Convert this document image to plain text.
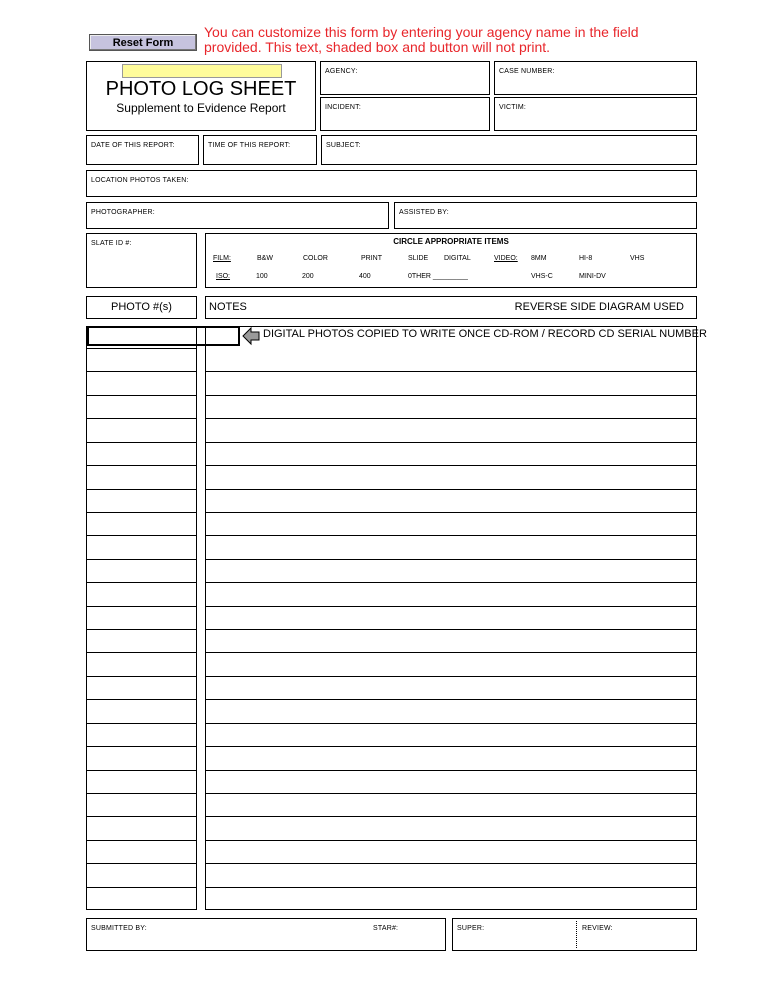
Reset Form
You can customize this form by entering your agency name in the field provided. This text, shaded box and button will not print.
PHOTO LOG SHEET
Supplement to Evidence Report
AGENCY:	CASE NUMBER:
INCIDENT:	VICTIM:
DATE OF THIS REPORT:	TIME OF THIS REPORT:	SUBJECT:
LOCATION PHOTOS TAKEN:
PHOTOGRAPHER:	ASSISTED BY:
SLATE ID #:	CIRCLE APPROPRIATE ITEMS
FILM:	B&W	COLOR	PRINT	SLIDE DIGITAL	VIDEO: 8MM	HI-8	VHS
ISO:	100	200	400	0THER _________	VHS-C	MINI-DV
PHOTO #(s)	NOTES	REVERSE SIDE DIAGRAM USED
DIGITAL PHOTOS COPIED TO WRITE ONCE CD-ROM / RECORD CD SERIAL NUMBER
SUBMITTED BY:	STAR#:	SUPER:	REVIEW:
